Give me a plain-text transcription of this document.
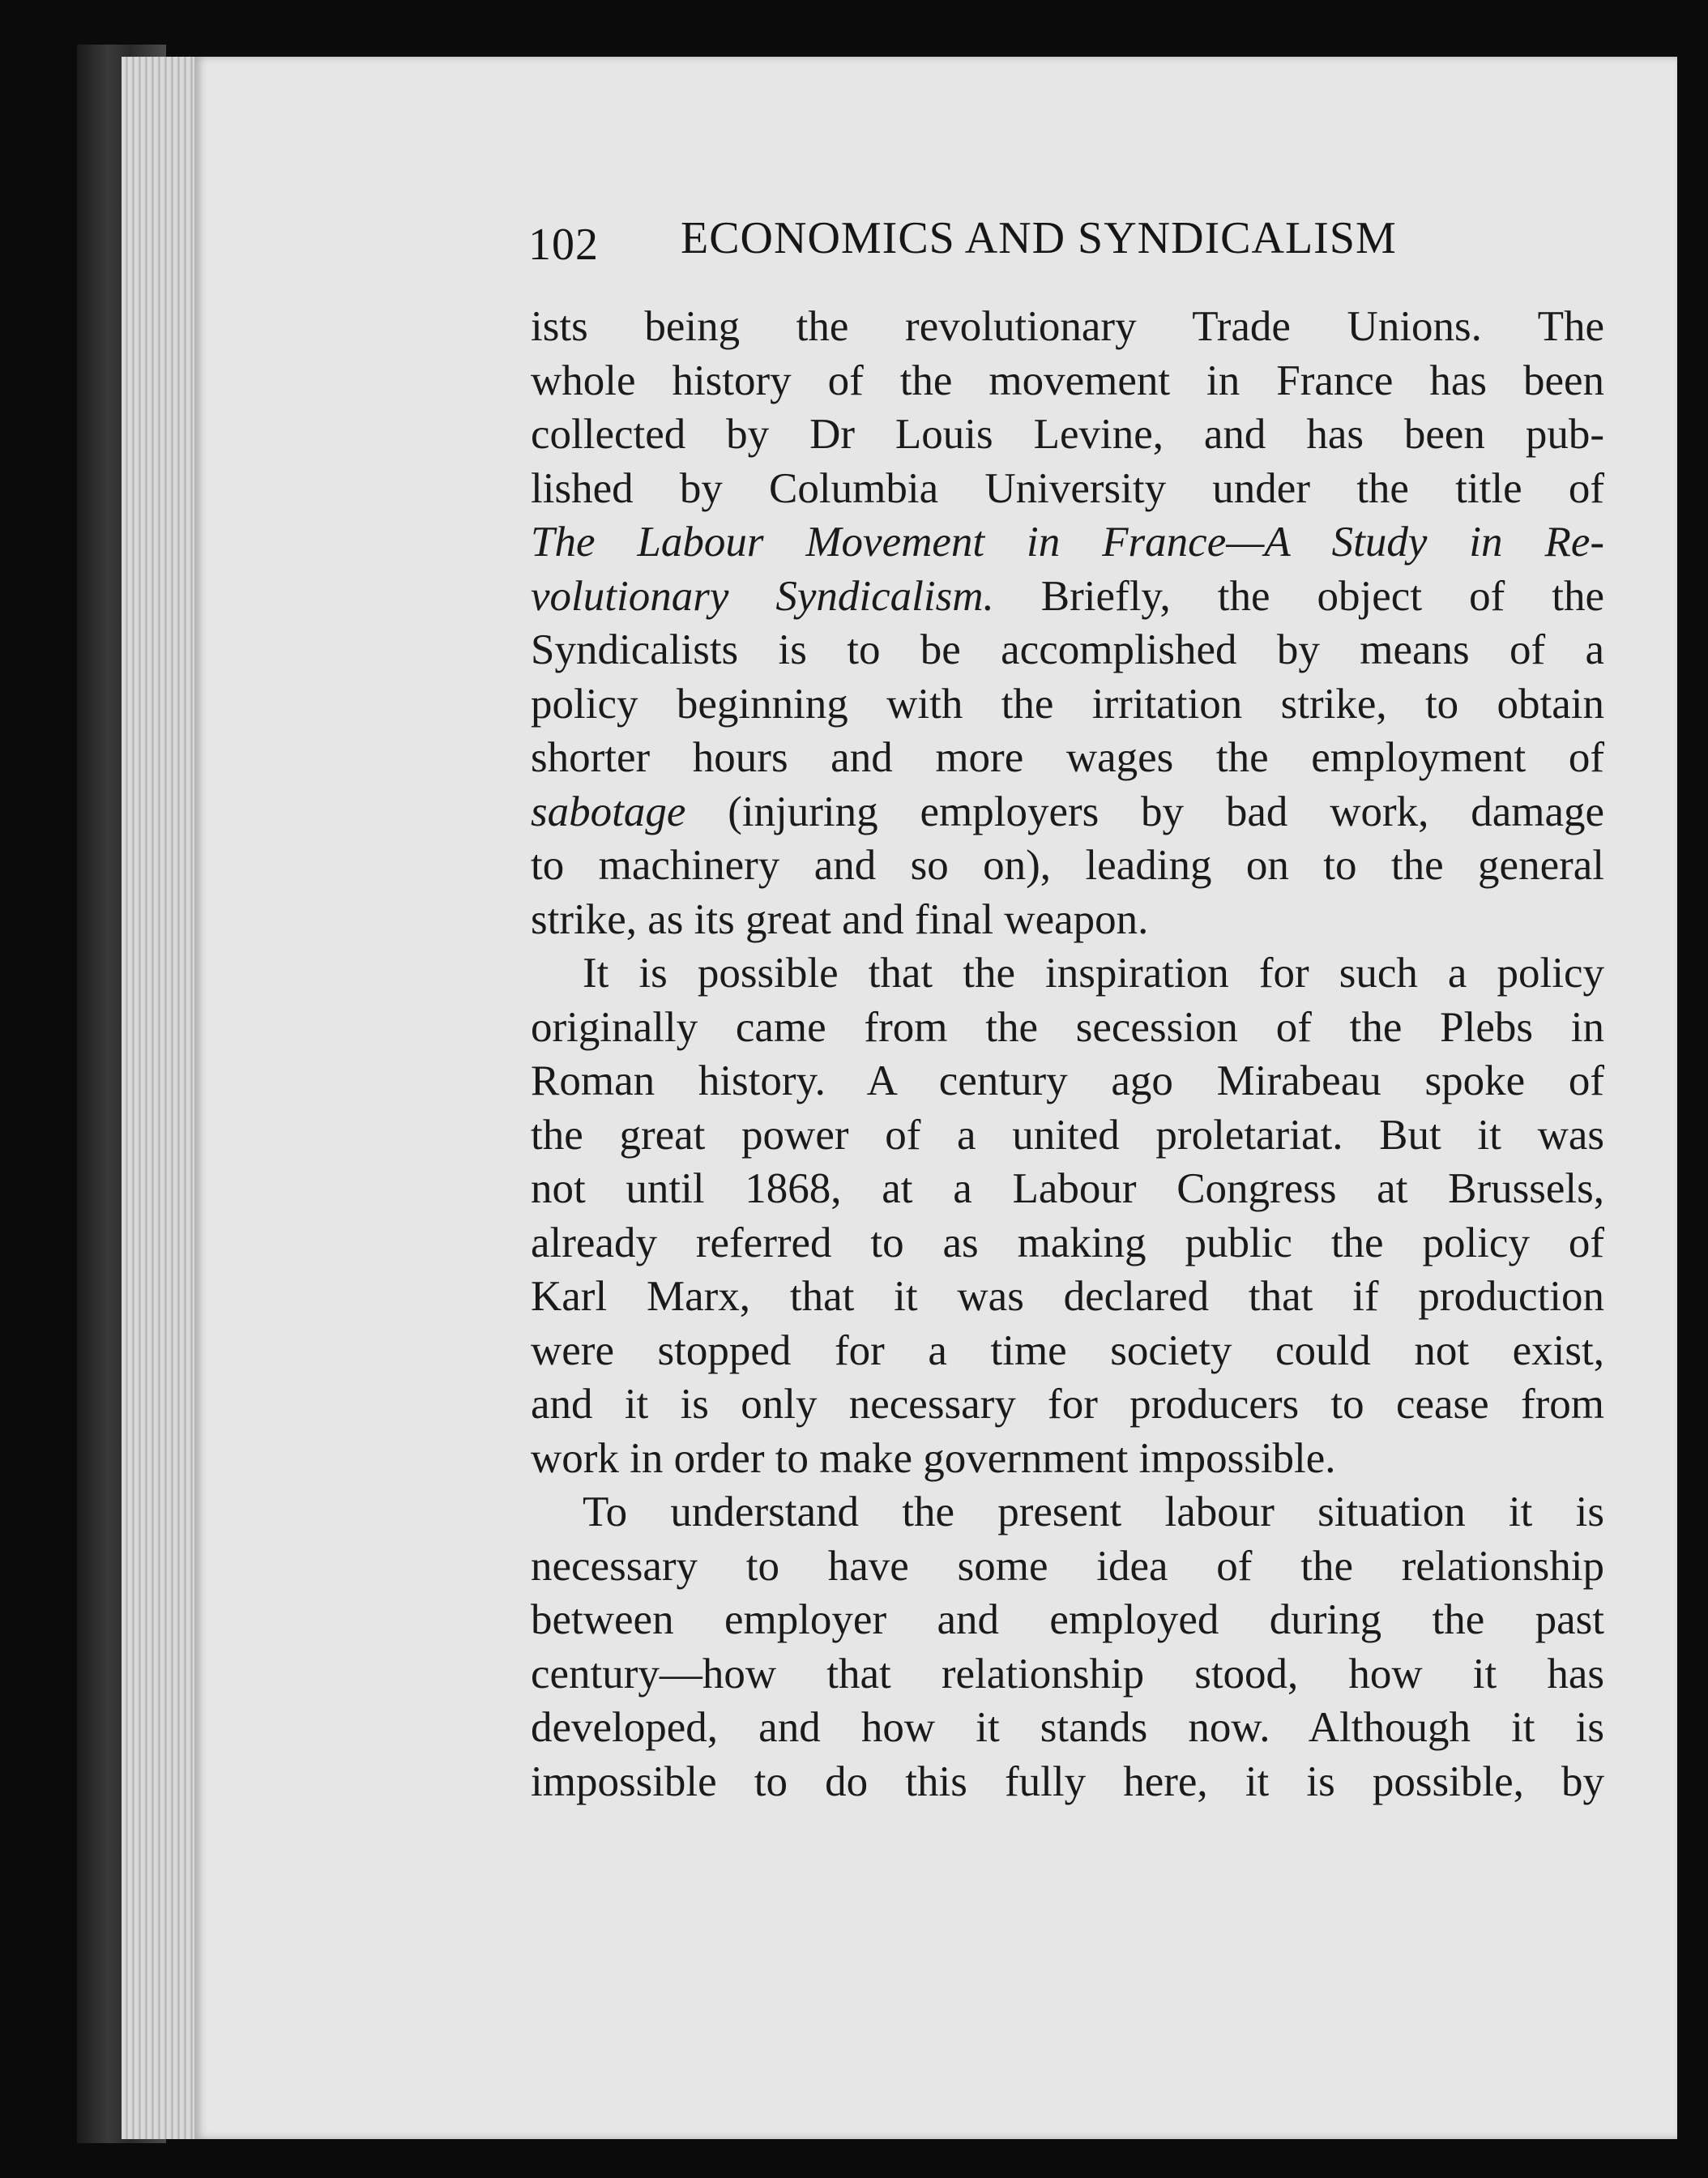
102 ECONOMICS AND SYNDICALISM
ists being the revolutionary Trade Unions. The
whole history of the movement in France has been
collected by Dr Louis Levine, and has been pub-
lished by Columbia University under the title of
The Labour Movement in France—A Study in Re-
volutionary Syndicalism. Briefly, the object of the
Syndicalists is to be accomplished by means of a
policy beginning with the irritation strike, to obtain
shorter hours and more wages the employment of
sabotage (injuring employers by bad work, damage
to machinery and so on), leading on to the general
strike, as its great and final weapon.
It is possible that the inspiration for such a policy
originally came from the secession of the Plebs in
Roman history. A century ago Mirabeau spoke of
the great power of a united proletariat. But it was
not until 1868, at a Labour Congress at Brussels,
already referred to as making public the policy of
Karl Marx, that it was declared that if production
were stopped for a time society could not exist,
and it is only necessary for producers to cease from
work in order to make government impossible.
To understand the present labour situation it is
necessary to have some idea of the relationship
between employer and employed during the past
century—how that relationship stood, how it has
developed, and how it stands now. Although it is
impossible to do this fully here, it is possible, by
